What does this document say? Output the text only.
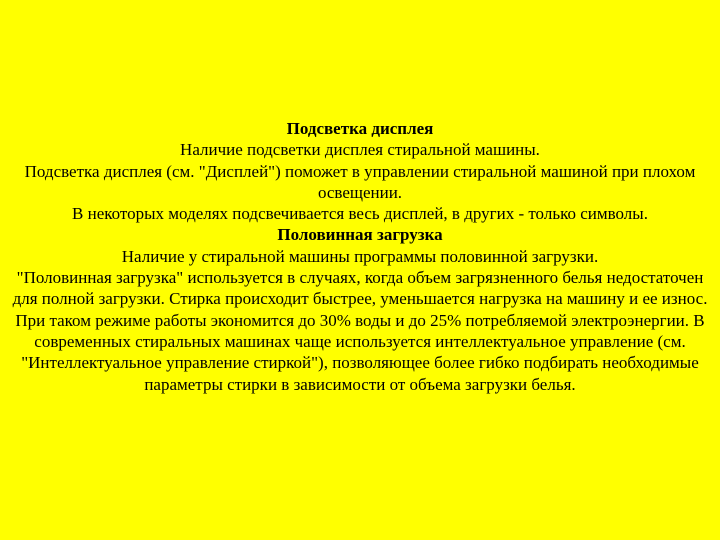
Подсветка дисплея

Наличие подсветки дисплея стиральной машины.

Подсветка дисплея (см. "Дисплей") поможет в управлении стиральной машиной при плохом освещении.

В некоторых моделях подсвечивается весь дисплей, в других - только символы.

Половинная загрузка

Наличие у стиральной машины программы половинной загрузки.

"Половинная загрузка" используется в случаях, когда объем загрязненного белья недостаточен для полной загрузки. Стирка происходит быстрее, уменьшается нагрузка на машину и ее износ. При таком режиме работы экономится до 30% воды и до 25% потребляемой электроэнергии. В современных стиральных машинах чаще используется интеллектуальное управление (см. "Интеллектуальное управление стиркой"), позволяющее более гибко подбирать необходимые параметры стирки в зависимости от объема загрузки белья.
